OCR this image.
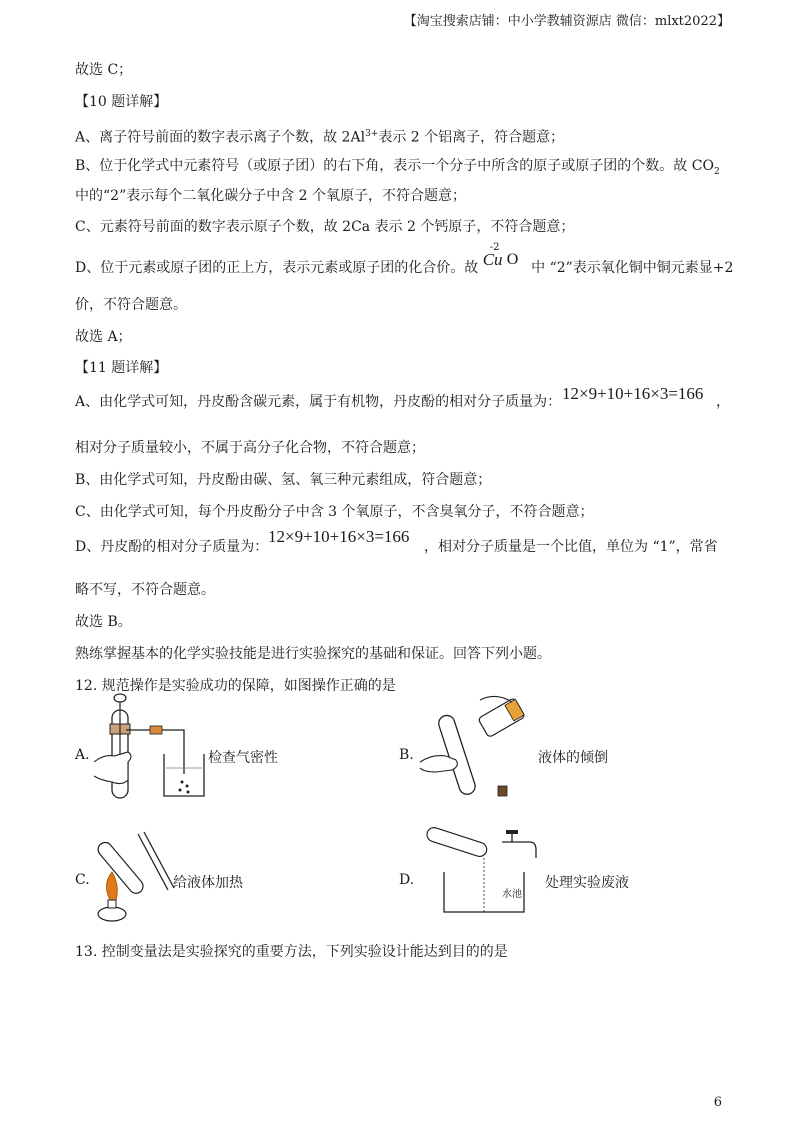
【淘宝搜索店铺：中小学教辅资源店 微信：mlxt2022】
故选 C；
【10 题详解】
A、离子符号前面的数字表示离子个数，故 $2Al^{3+}$表示 2 个铝离子，符合题意；
B、位于化学式中元素符号（或原子团）的右下角，表示一个分子中所含的原子或原子团的个数。故 $CO_2$
中的“2”表示每个二氧化碳分子中含 2 个氧原子，不符合题意；
C、元素符号前面的数字表示原子个数，故 2Ca 表示 2 个钙原子，不符合题意；
D、位于元素或原子团的正上方，表示元素或原子团的化合价。故
-2
Cu O 中 “2”表示氧化铜中铜元素显+2
价，不符合题意。
故选 A；
【11 题详解】
A、由化学式可知，丹皮酚含碳元素，属于有机物，丹皮酚的相对分子质量为： 12×9+10+16×3=166 ，
相对分子质量较小，不属于高分子化合物，不符合题意；
B、由化学式可知，丹皮酚由碳、氢、氧三种元素组成，符合题意；
C、由化学式可知，每个丹皮酚分子中含 3 个氧原子，不含臭氧分子，不符合题意；
D、丹皮酚的相对分子质量为：
12×9+10+16×3=166
，相对分子质量是一个比值，单位为 “1”，常省
略不写，不符合题意。
故选 B。
熟练掌握基本的化学实验技能是进行实验探究的基础和保证。回答下列小题。
12. 规范操作是实验成功的保障，如图操作正确的是
A.	检查气密性	B.	液体的倾倒
C.	给液体加热	D.
水池
处理实验废液
13. 控制变量法是实验探究的重要方法，下列实验设计能达到目的的是
6
